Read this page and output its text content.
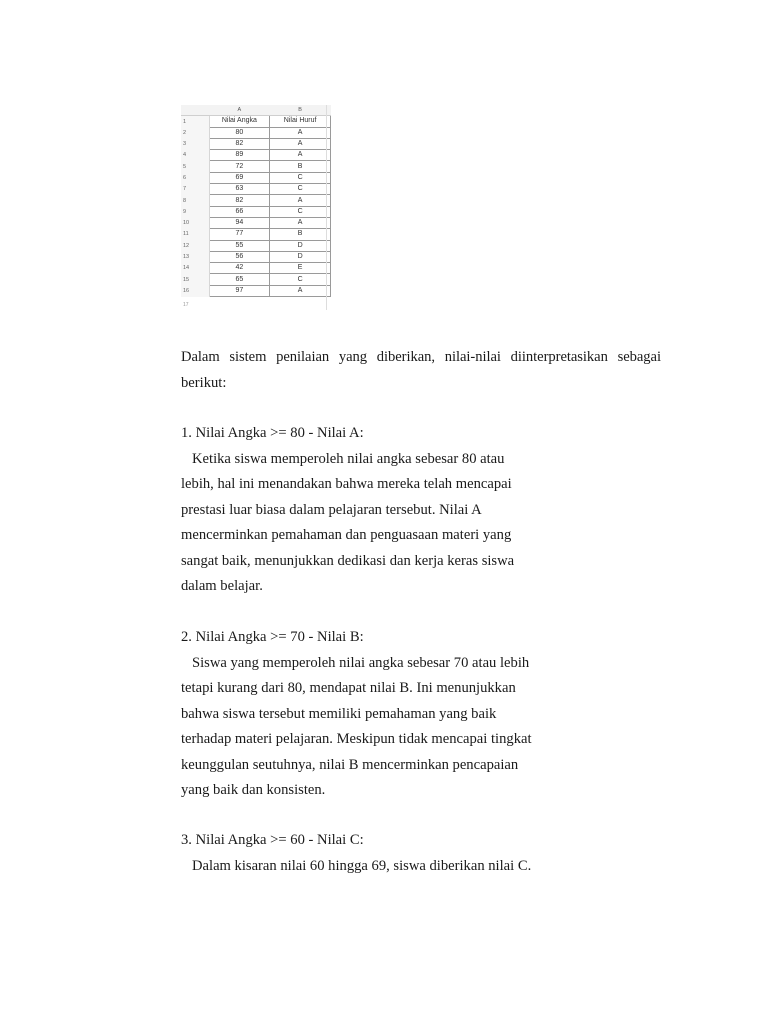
	A	B
1	Nilai Angka	Nilai Huruf
2	80	A
3	82	A
4	89	A
5	72	B
6	69	C
7	63	C
8	82	A
9	66	C
10	94	A
11	77	B
12	55	D
13	56	D
14	42	E
15	65	C
16	97	A
17

Dalam sistem penilaian yang diberikan, nilai-nilai diinterpretasikan sebagai

berikut:

1. Nilai Angka >= 80 - Nilai A:

Ketika siswa memperoleh nilai angka sebesar 80 atau

lebih, hal ini menandakan bahwa mereka telah mencapai

prestasi luar biasa dalam pelajaran tersebut. Nilai A

mencerminkan pemahaman dan penguasaan materi yang

sangat baik, menunjukkan dedikasi dan kerja keras siswa

dalam belajar.

2. Nilai Angka >= 70 - Nilai B:

Siswa yang memperoleh nilai angka sebesar 70 atau lebih

tetapi kurang dari 80, mendapat nilai B. Ini menunjukkan

bahwa siswa tersebut memiliki pemahaman yang baik

terhadap materi pelajaran. Meskipun tidak mencapai tingkat

keunggulan seutuhnya, nilai B mencerminkan pencapaian

yang baik dan konsisten.

3. Nilai Angka >= 60 - Nilai C:

Dalam kisaran nilai 60 hingga 69, siswa diberikan nilai C.
